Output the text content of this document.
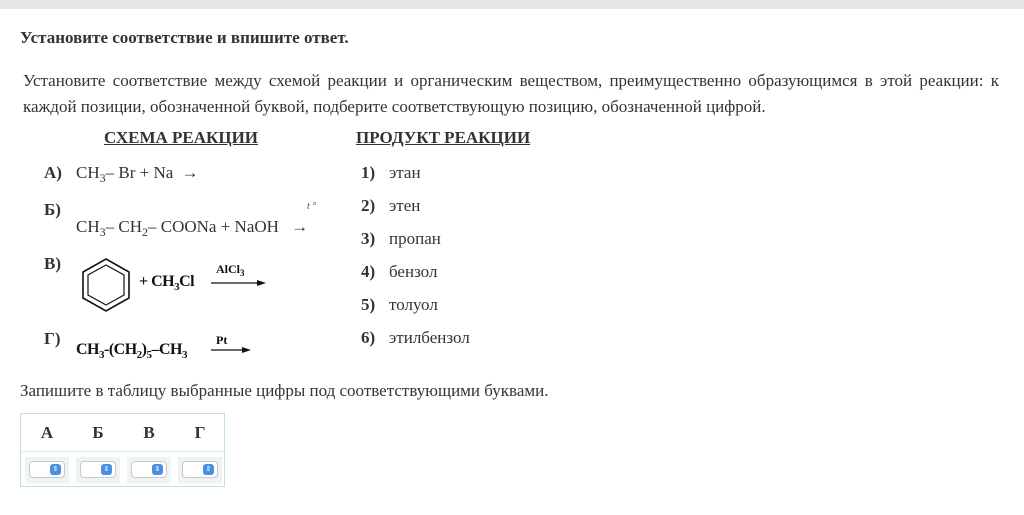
Установите соответствие и впишите ответ.
Установите соответствие между схемой реакции и органическим веществом, преимущественно образующимся в этой реакции: к каждой позиции, обозначенной буквой, подберите соответствующую позицию, обозначенной цифрой.
СХЕМА РЕАКЦИИ	ПРОДУКТ РЕАКЦИИ
А) $CH_3-$ Br + Na →
Б)	t °
$CH_3-$ $CH_2-$ COONa + NaOH →
В)
+ $CH_3Cl$
AlCl$_3$
Г)
$CH_3-(CH_2)_5-CH_3$
Pt
1) этан
2) этен
3) пропан
4) бензол
5) толуол
6) этилбензол
Запишите в таблицу выбранные цифры под соответствующими буквами.
А	Б	В	Г
⇕	⇕	⇕	⇕
